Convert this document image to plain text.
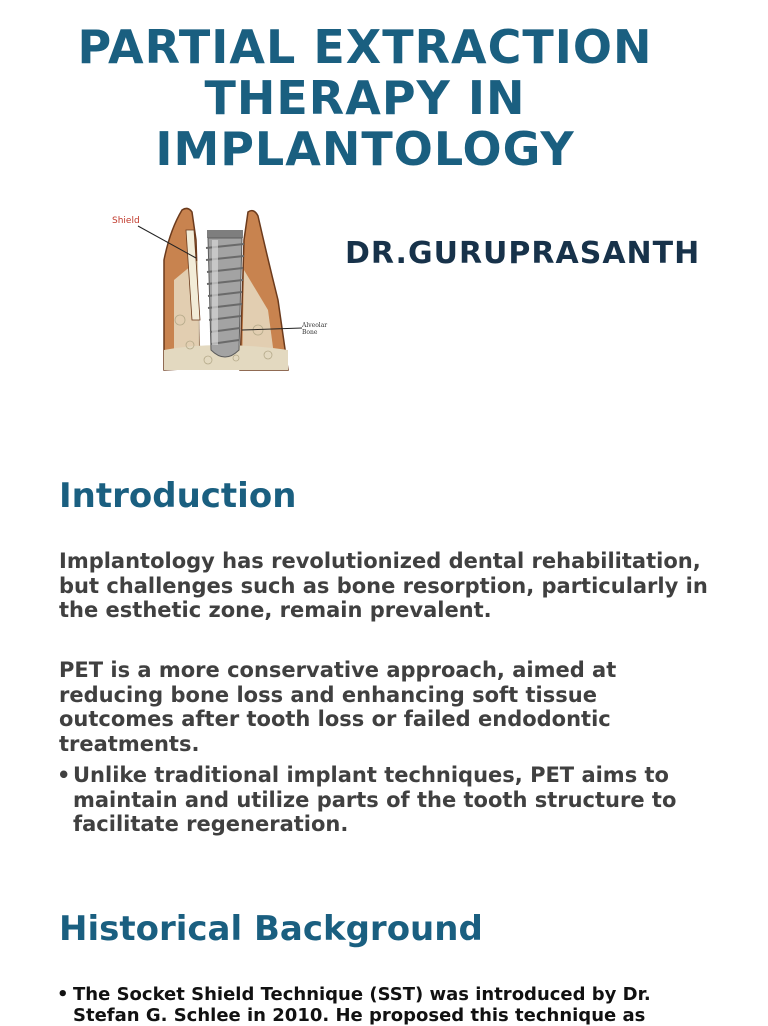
PARTIAL EXTRACTION
THERAPY IN
IMPLANTOLOGY
Shield
Alveolar
Bone

DR.GURUPRASANTH

Introduction

Implantology has revolutionized dental rehabilitation, but challenges such as bone resorption, particularly in the esthetic zone, remain prevalent.

PET is a more conservative approach, aimed at reducing bone loss and enhancing soft tissue outcomes after tooth loss or failed endodontic treatments.

• Unlike traditional implant techniques, PET aims to maintain and utilize parts of the tooth structure to facilitate regeneration.
Historical Background
• The Socket Shield Technique (SST) was introduced by Dr. Stefan G. Schlee in 2010. He proposed this technique as
